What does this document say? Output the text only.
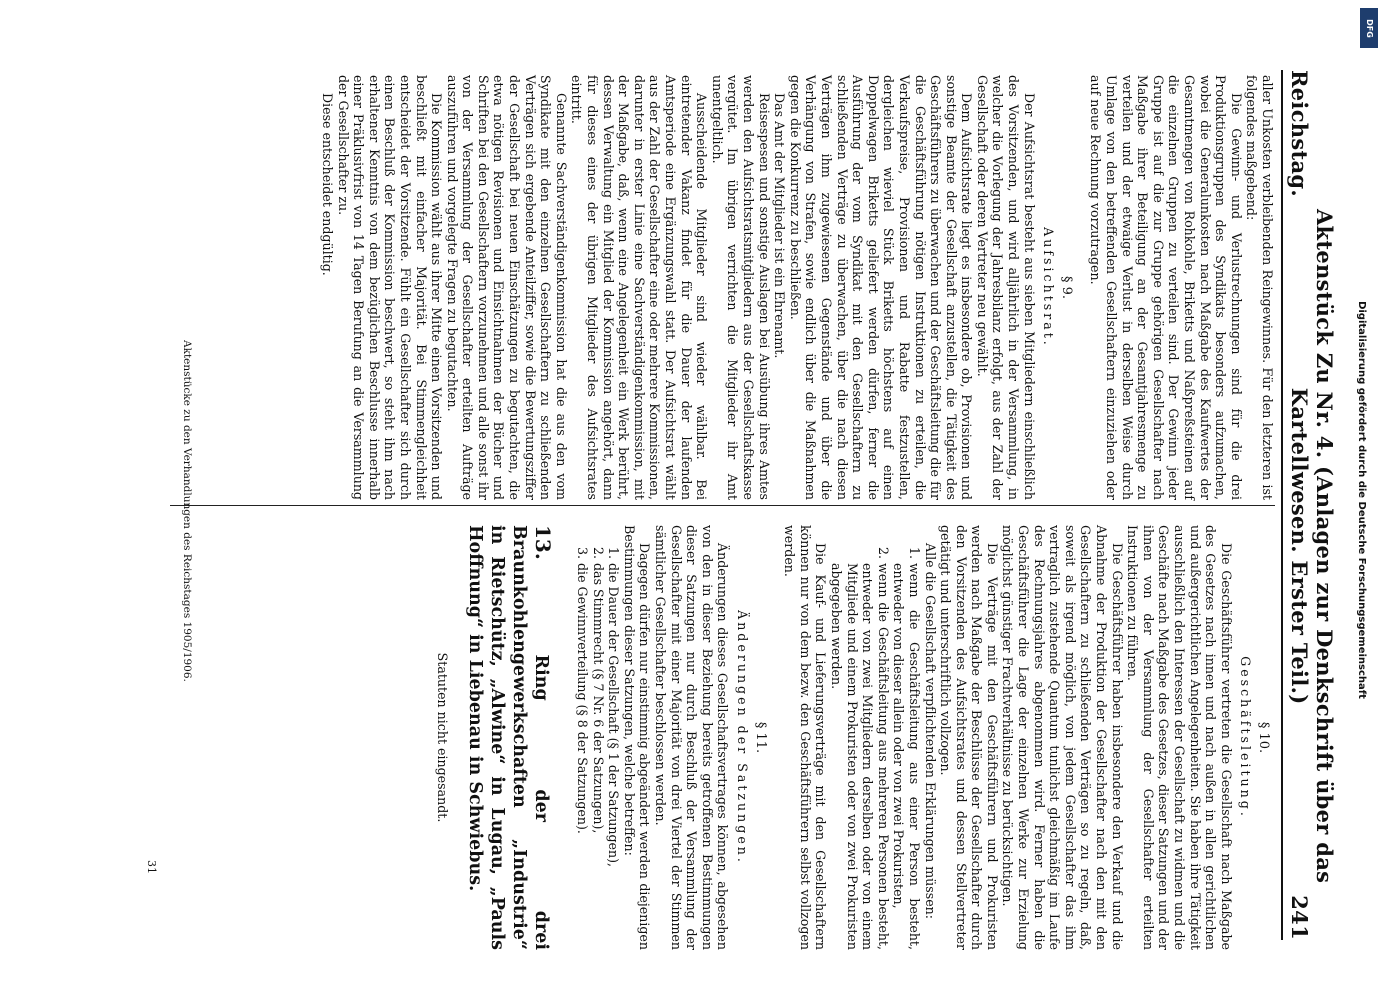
Reichstag.
Aktenstück Zu Nr. 4. (Anlagen zur Denkschrift über das Kartellwesen. Erster Teil.)
241

aller Unkosten verbleibenden Reingewinnes. Für den letzteren ist folgendes maßgebend:

Die Gewinn- und Verlustrechnungen sind für die drei Produktionsgruppen des Syndikats besonders aufzumachen, wobei die Generalunkosten nach Maßgabe des Kaufwertes der Gesamtmengen von Rohkohle, Briketts und Naßpreßsteinen auf die einzelnen Gruppen zu verteilen sind. Der Gewinn jeder Gruppe ist auf die zur Gruppe gehörigen Gesellschafter nach Maßgabe ihrer Beteiligung an der Gesamtjahresmenge zu verteilen und der etwaige Verlust in derselben Weise durch Umlage von den betreffenden Gesellschaftern einzuziehen oder auf neue Rechnung vorzutragen.

§ 9.
Aufsichtsrat.

Der Aufsichtsrat besteht aus sieben Mitgliedern einschließlich des Vorsitzenden, und wird alljährlich in der Versammlung, in welcher die Vorlegung der Jahresbilanz erfolgt, aus der Zahl der Gesellschaft oder deren Vertreter neu gewählt.

Dem Aufsichtsrate liegt es insbesondere ob, Provisionen und sonstige Beamte der Gesellschaft anzustellen, die Tätigkeit des Geschäftsführers zu überwachen und der Geschäftsleitung die für die Geschäftsführung nötigen Instruktionen zu erteilen, die Verkaufspreise, Provisionen und Rabatte festzustellen, dergleichen wieviel Stück Briketts höchstens auf einen Doppelwagen Briketts geliefert werden dürfen, ferner die Ausführung der vom Syndikat mit den Gesellschaftern zu schließenden Verträge zu überwachen, über die nach diesen Verträgen ihm zugewiesenen Gegenstände und über die Verhängung von Strafen, sowie endlich über die Maßnahmen gegen die Konkurrenz zu beschließen.

Das Amt der Mitglieder ist ein Ehrenamt.

Reisespesen und sonstige Auslagen bei Ausübung ihres Amtes werden den Aufsichtsratsmitgliedern aus der Gesellschaftskasse vergütet. Im übrigen verrichten die Mitglieder ihr Amt unentgeltlich.

Ausscheidende Mitglieder sind wieder wählbar. Bei eintretender Vakanz findet für die Dauer der laufenden Amtsperiode eine Ergänzungswahl statt. Der Aufsichtsrat wählt aus der Zahl der Gesellschafter eine oder mehrere Kommissionen, darunter in erster Linie eine Sachverständigenkommission, mit der Maßgabe, daß, wenn eine Angelegenheit ein Werk berührt, dessen Verwaltung ein Mitglied der Kommission angehört, dann für dieses eines der übrigen Mitglieder des Aufsichtsrates eintritt.

Genannte Sachverständigenkommission hat die aus den vom Syndikate mit den einzelnen Gesellschaftern zu schließenden Verträgen sich ergebende Anteilziffer, sowie die Bewertungsziffer der Gesellschaft bei neuen Einschätzungen zu begutachten, die etwa nötigen Revisionen und Einsichtnahmen der Bücher und Schriften bei den Gesellschaftern vorzunehmen und alle sonst ihr von der Versammlung der Gesellschafter erteilten Aufträge auszuführen und vorgelegte Fragen zu begutachten.

Die Kommission wählt aus ihrer Mitte einen Vorsitzenden und beschließt mit einfacher Majorität. Bei Stimmengleichheit entscheidet der Vorsitzende. Fühlt ein Gesellschafter sich durch einen Beschluß der Kommission beschwert, so steht ihm nach erhaltener Kenntnis von dem bezüglichen Beschlusse innerhalb einer Präklusivfrist von 14 Tagen Berufung an die Versammlung der Gesellschafter zu.

Diese entscheidet endgültig.

§ 10.
Geschäftsleitung.

Die Geschäftsführer vertreten die Gesellschaft nach Maßgabe des Gesetzes nach innen und nach außen in allen gerichtlichen und außergerichtlichen Angelegenheiten. Sie haben ihre Tätigkeit ausschließlich den Interessen der Gesellschaft zu widmen und die Geschäfte nach Maßgabe des Gesetzes, dieser Satzungen und der ihnen von der Versammlung der Gesellschafter erteilten Instruktionen zu führen.

Die Geschäftsführer haben insbesondere den Verkauf und die Abnahme der Produktion der Gesellschafter nach den mit den Gesellschaftern zu schließenden Verträgen so zu regeln, daß, soweit als irgend möglich, von jedem Gesellschafter das ihm vertraglich zustehende Quantum tunlichst gleichmäßig im Laufe des Rechnungsjahres abgenommen wird. Ferner haben die Geschäftsführer die Lage der einzelnen Werke zur Erzielung möglichst günstiger Frachtverhältnisse zu berücksichtigen.

Die Verträge mit den Geschäftsführern und Prokuristen werden nach Maßgabe der Beschlüsse der Gesellschafter durch den Vorsitzenden des Aufsichtsrates und dessen Stellvertreter getätigt und unterschriftlich vollzogen.

Alle die Gesellschaft verpflichtenden Erklärungen müssen:

1. wenn die Geschäftsleitung aus einer Person besteht, entweder von dieser allein oder von zwei Prokuristen,
2. wenn die Geschäftsleitung aus mehreren Personen besteht, entweder von zwei Mitgliedern derselben oder von einem Mitgliede und einem Prokuristen oder von zwei Prokuristen abgegeben werden.

Die Kauf- und Lieferungsverträge mit den Gesellschaftern können nur von dem bezw. den Geschäftsführern selbst vollzogen werden.

§ 11.
Änderungen der Satzungen.

Änderungen dieses Gesellschaftsvertrages können, abgesehen von den in dieser Beziehung bereits getroffenen Bestimmungen dieser Satzungen nur durch Beschluß der Versammlung der Gesellschafter mit einer Majorität von drei Viertel der Stimmen sämtlicher Gesellschafter beschlossen werden.

Dagegen dürfen nur einstimmig abgeändert werden diejenigen Bestimmungen dieser Satzungen, welche betreffen:

1. die Dauer der Gesellschaft (§ 1 der Satzungen),
2. das Stimmrecht (§ 7 Nr. 6 der Satzungen),
3. die Gewinnverteilung (§ 8 der Satzungen).
13. Ring der drei Braunkohlengewerkschaften „Industrie“ in Rietschütz, „Alwine“ in Lugau, „Pauls Hoffnung“ in Liebenau in Schwiebus.
Statuten nicht eingesandt.
Aktenstücke zu den Verhandlungen des Reichstages 1905/1906.
31
DFG
Digitalisierung gefördert durch die Deutsche Forschungsgemeinschaft
